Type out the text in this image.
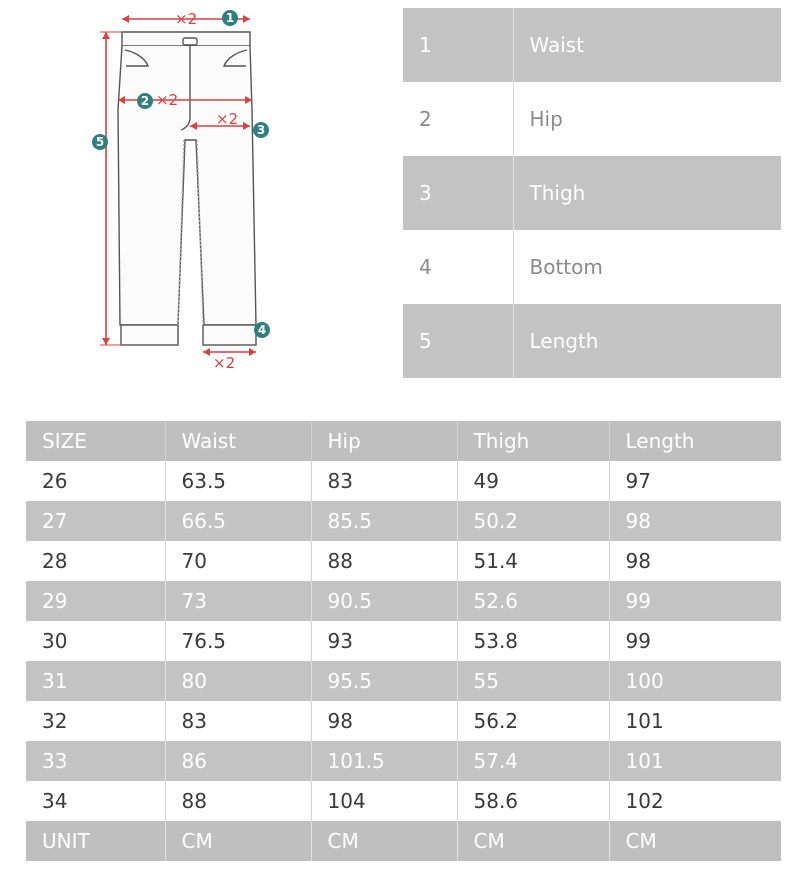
×2
×2
×2
×2
1
2
3
4
5
1	Waist
2	Hip
3	Thigh
4	Bottom
5	Length
SIZE	Waist	Hip	Thigh	Length
26	63.5	83	49	97
27	66.5	85.5	50.2	98
28	70	88	51.4	98
29	73	90.5	52.6	99
30	76.5	93	53.8	99
31	80	95.5	55	100
32	83	98	56.2	101
33	86	101.5	57.4	101
34	88	104	58.6	102
UNIT	CM	CM	CM	CM
